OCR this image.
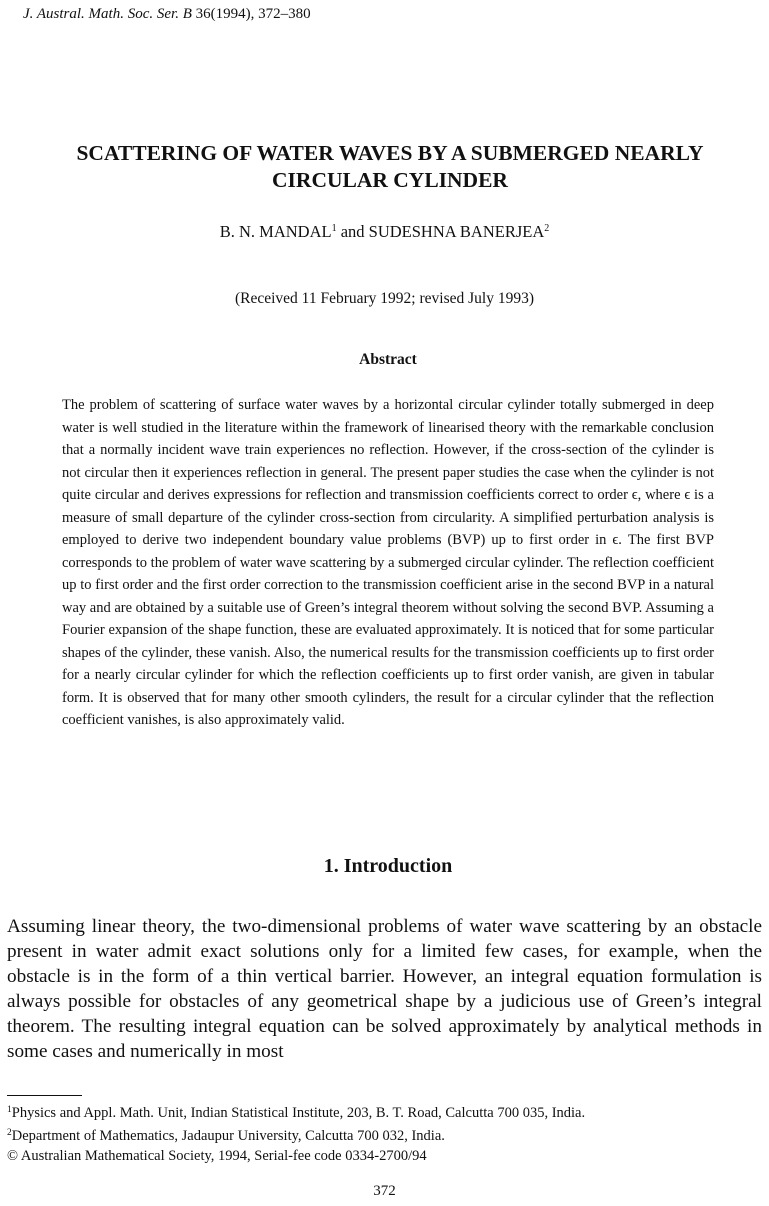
J. Austral. Math. Soc. Ser. B 36(1994), 372–380
SCATTERING OF WATER WAVES BY A SUBMERGED NEARLY
CIRCULAR CYLINDER
B. N. MANDAL$^1$ and SUDESHNA BANERJEA$^2$
(Received 11 February 1992; revised July 1993)
Abstract

The problem of scattering of surface water waves by a horizontal circular cylinder totally submerged in deep water is well studied in the literature within the framework of linearised theory with the remarkable conclusion that a normally incident wave train experiences no reflection. However, if the cross-section of the cylinder is not circular then it experiences reflection in general. The present paper studies the case when the cylinder is not quite circular and derives expressions for reflection and transmission coefficients correct to order ϵ, where ϵ is a measure of small departure of the cylinder cross-section from circularity. A simplified perturbation analysis is employed to derive two independent boundary value problems (BVP) up to first order in ϵ. The first BVP corresponds to the problem of water wave scattering by a submerged circular cylinder. The reflection coefficient up to first order and the first order correction to the transmission coefficient arise in the second BVP in a natural way and are obtained by a suitable use of Green’s integral theorem without solving the second BVP. Assuming a Fourier expansion of the shape function, these are evaluated approximately. It is noticed that for some particular shapes of the cylinder, these vanish. Also, the numerical results for the transmission coefficients up to first order for a nearly circular cylinder for which the reflection coefficients up to first order vanish, are given in tabular form. It is observed that for many other smooth cylinders, the result for a circular cylinder that the reflection coefficient vanishes, is also approximately valid.

1. Introduction

Assuming linear theory, the two-dimensional problems of water wave scattering by an obstacle present in water admit exact solutions only for a limited few cases, for example, when the obstacle is in the form of a thin vertical barrier. However, an integral equation formulation is always possible for obstacles of any geometrical shape by a judicious use of Green’s integral theorem. The resulting integral equation can be solved approximately by analytical methods in some cases and numerically in most

$^1$Physics and Appl. Math. Unit, Indian Statistical Institute, 203, B. T. Road, Calcutta 700 035, India.
$^2$Department of Mathematics, Jadaupur University, Calcutta 700 032, India.
© Australian Mathematical Society, 1994, Serial-fee code 0334-2700/94
372
